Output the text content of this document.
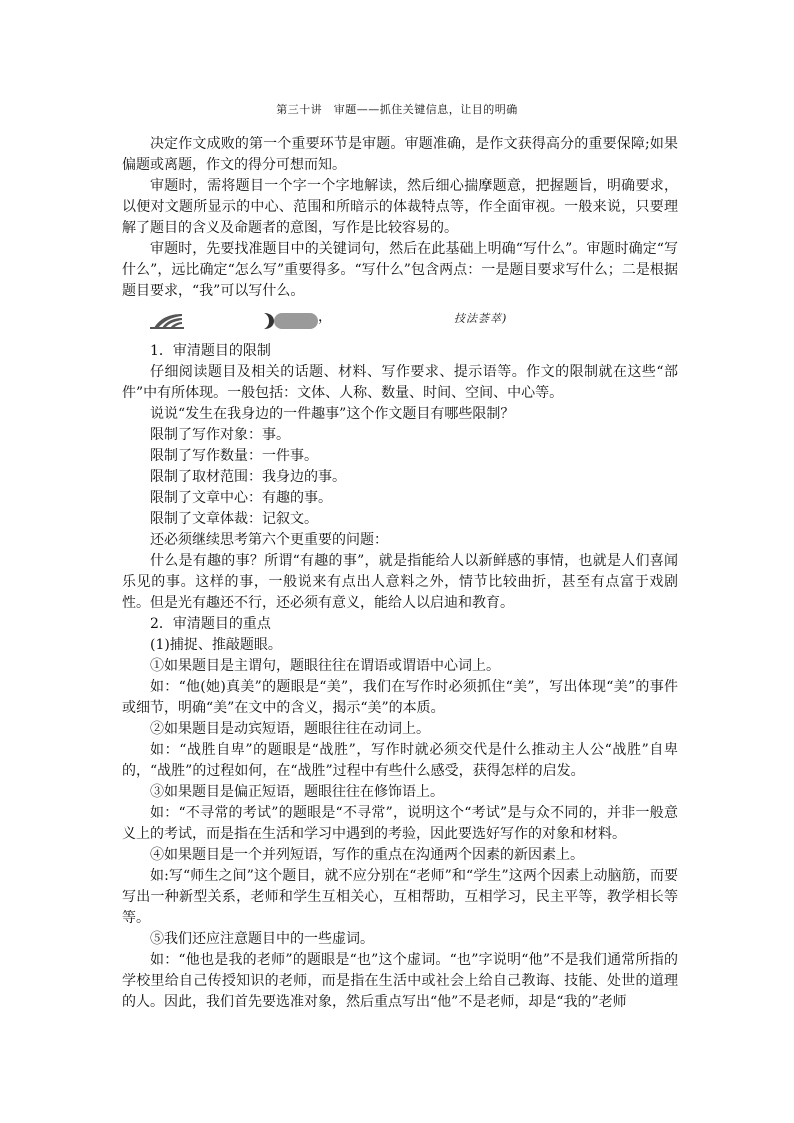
第三十讲　审题——抓住关键信息，让目的明确

决定作文成败的第一个重要环节是审题。审题准确，是作文获得高分的重要保障;如果偏题或离题，作文的得分可想而知。

审题时，需将题目一个字一个字地解读，然后细心揣摩题意，把握题旨，明确要求，以便对文题所显示的中心、范围和所暗示的体裁特点等，作全面审视。一般来说，只要理解了题目的含义及命题者的意图，写作是比较容易的。

审题时，先要找准题目中的关键词句，然后在此基础上明确“写什么”。审题时确定“写什么”，远比确定“怎么写”重要得多。“写什么”包含两点：一是题目要求写什么；二是根据题目要求，“我”可以写什么。

，	技法荟萃)

1．审清题目的限制

仔细阅读题目及相关的话题、材料、写作要求、提示语等。作文的限制就在这些“部件”中有所体现。一般包括：文体、人称、数量、时间、空间、中心等。

说说“发生在我身边的一件趣事”这个作文题目有哪些限制？

限制了写作对象：事。

限制了写作数量：一件事。

限制了取材范围：我身边的事。

限制了文章中心：有趣的事。

限制了文章体裁：记叙文。

还必须继续思考第六个更重要的问题：

什么是有趣的事？所谓“有趣的事”，就是指能给人以新鲜感的事情，也就是人们喜闻乐见的事。这样的事，一般说来有点出人意料之外，情节比较曲折，甚至有点富于戏剧性。但是光有趣还不行，还必须有意义，能给人以启迪和教育。

2．审清题目的重点

(1)捕捉、推敲题眼。

①如果题目是主谓句，题眼往往在谓语或谓语中心词上。

如：“他(她)真美”的题眼是“美”，我们在写作时必须抓住“美”，写出体现“美”的事件或细节，明确“美”在文中的含义，揭示“美”的本质。

②如果题目是动宾短语，题眼往往在动词上。

如：“战胜自卑”的题眼是“战胜”，写作时就必须交代是什么推动主人公“战胜”自卑的，“战胜”的过程如何，在“战胜”过程中有些什么感受，获得怎样的启发。

③如果题目是偏正短语，题眼往往在修饰语上。

如：“不寻常的考试”的题眼是“不寻常”，说明这个“考试”是与众不同的，并非一般意义上的考试，而是指在生活和学习中遇到的考验，因此要选好写作的对象和材料。

④如果题目是一个并列短语，写作的重点在沟通两个因素的新因素上。

如:写“师生之间”这个题目，就不应分别在“老师”和“学生”这两个因素上动脑筋，而要写出一种新型关系，老师和学生互相关心，互相帮助，互相学习，民主平等，教学相长等等。

⑤我们还应注意题目中的一些虚词。

如：“他也是我的老师”的题眼是“也”这个虚词。“也”字说明“他”不是我们通常所指的学校里给自己传授知识的老师，而是指在生活中或社会上给自己教诲、技能、处世的道理的人。因此，我们首先要选准对象，然后重点写出“他”不是老师，却是“我的”老师
